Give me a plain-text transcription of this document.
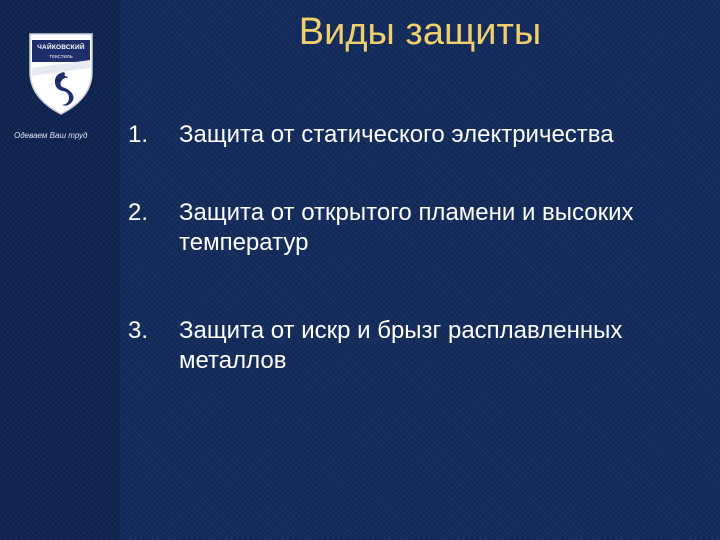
ЧАЙКОВСКИЙ
ТЕКСТИЛЬ
Одеваем Ваш труд
Виды защиты
1.	Защита от статического электричества
2.	Защита от открытого пламени и высоких температур
3.	Защита от искр и брызг расплавленных металлов
